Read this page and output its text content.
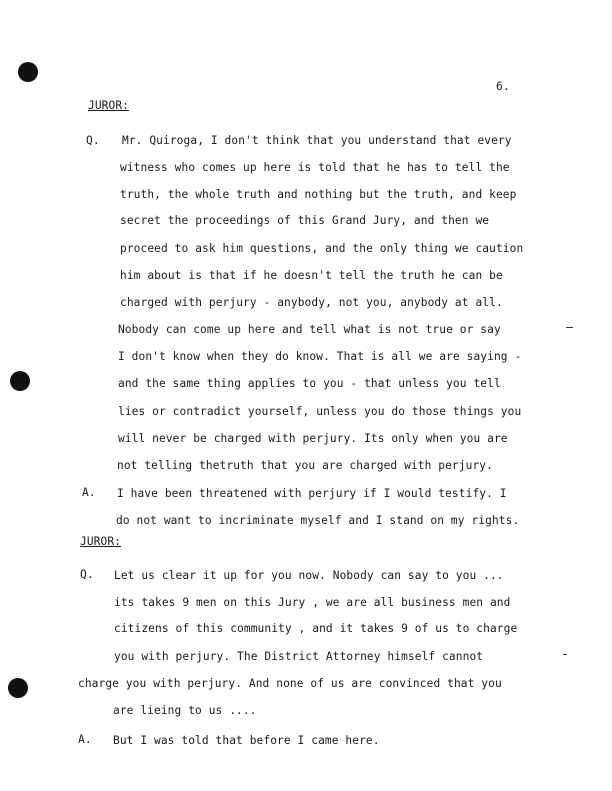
6.
JUROR:
Q. Mr. Quiroga, I don't think that you understand that every
witness who comes up here is told that he has to tell the
truth, the whole truth and nothing but the truth, and keep
secret the proceedings of this Grand Jury, and then we
proceed to ask him questions, and the only thing we caution
him about is that if he doesn't tell the truth he can be
charged with perjury - anybody, not you, anybody at all.
Nobody can come up here and tell what is not true or say
I don't know when they do know. That is all we are saying -
and the same thing applies to you - that unless you tell
lies or contradict yourself, unless you do those things you
will never be charged with perjury. Its only when you are
not telling thetruth that you are charged with perjury.
A. I have been threatened with perjury if I would testify. I
do not want to incriminate myself and I stand on my rights.
JUROR:
Q. Let us clear it up for you now. Nobody can say to you ...
its takes 9 men on this Jury , we are all business men and
citizens of this community , and it takes 9 of us to charge
you with perjury. The District Attorney himself cannot
charge you with perjury. And none of us are convinced that you
are lieing to us ....
A. But I was told that before I came here.
